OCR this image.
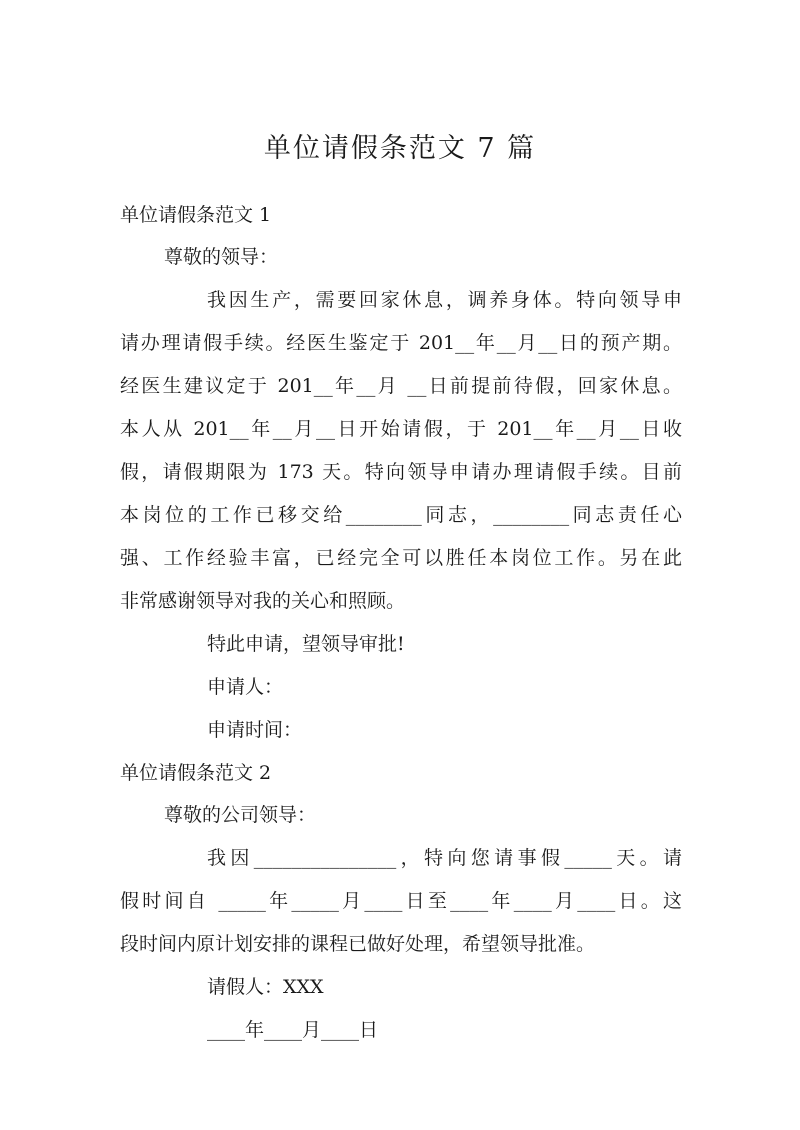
单位请假条范文 7 篇
单位请假条范文 1
尊敬的领导：
我因生产，需要回家休息，调养身体。特向领导申
请办理请假手续。经医生鉴定于 201__年__月__日的预产期。
经医生建议定于 201__年__月 __日前提前待假，回家休息。
本人从 201__年__月__日开始请假，于 201__年__月__日收
假，请假期限为 173 天。特向领导申请办理请假手续。目前
本岗位的工作已移交给________同志，________同志责任心
强、工作经验丰富，已经完全可以胜任本岗位工作。另在此
非常感谢领导对我的关心和照顾。
特此申请，望领导审批!
申请人：
申请时间：
单位请假条范文 2
尊敬的公司领导：
我因_______________，特向您请事假_____天。请
假时间自 _____年_____月____日至____年____月____日。这
段时间内原计划安排的课程已做好处理，希望领导批准。
请假人：XXX
____年____月____日
